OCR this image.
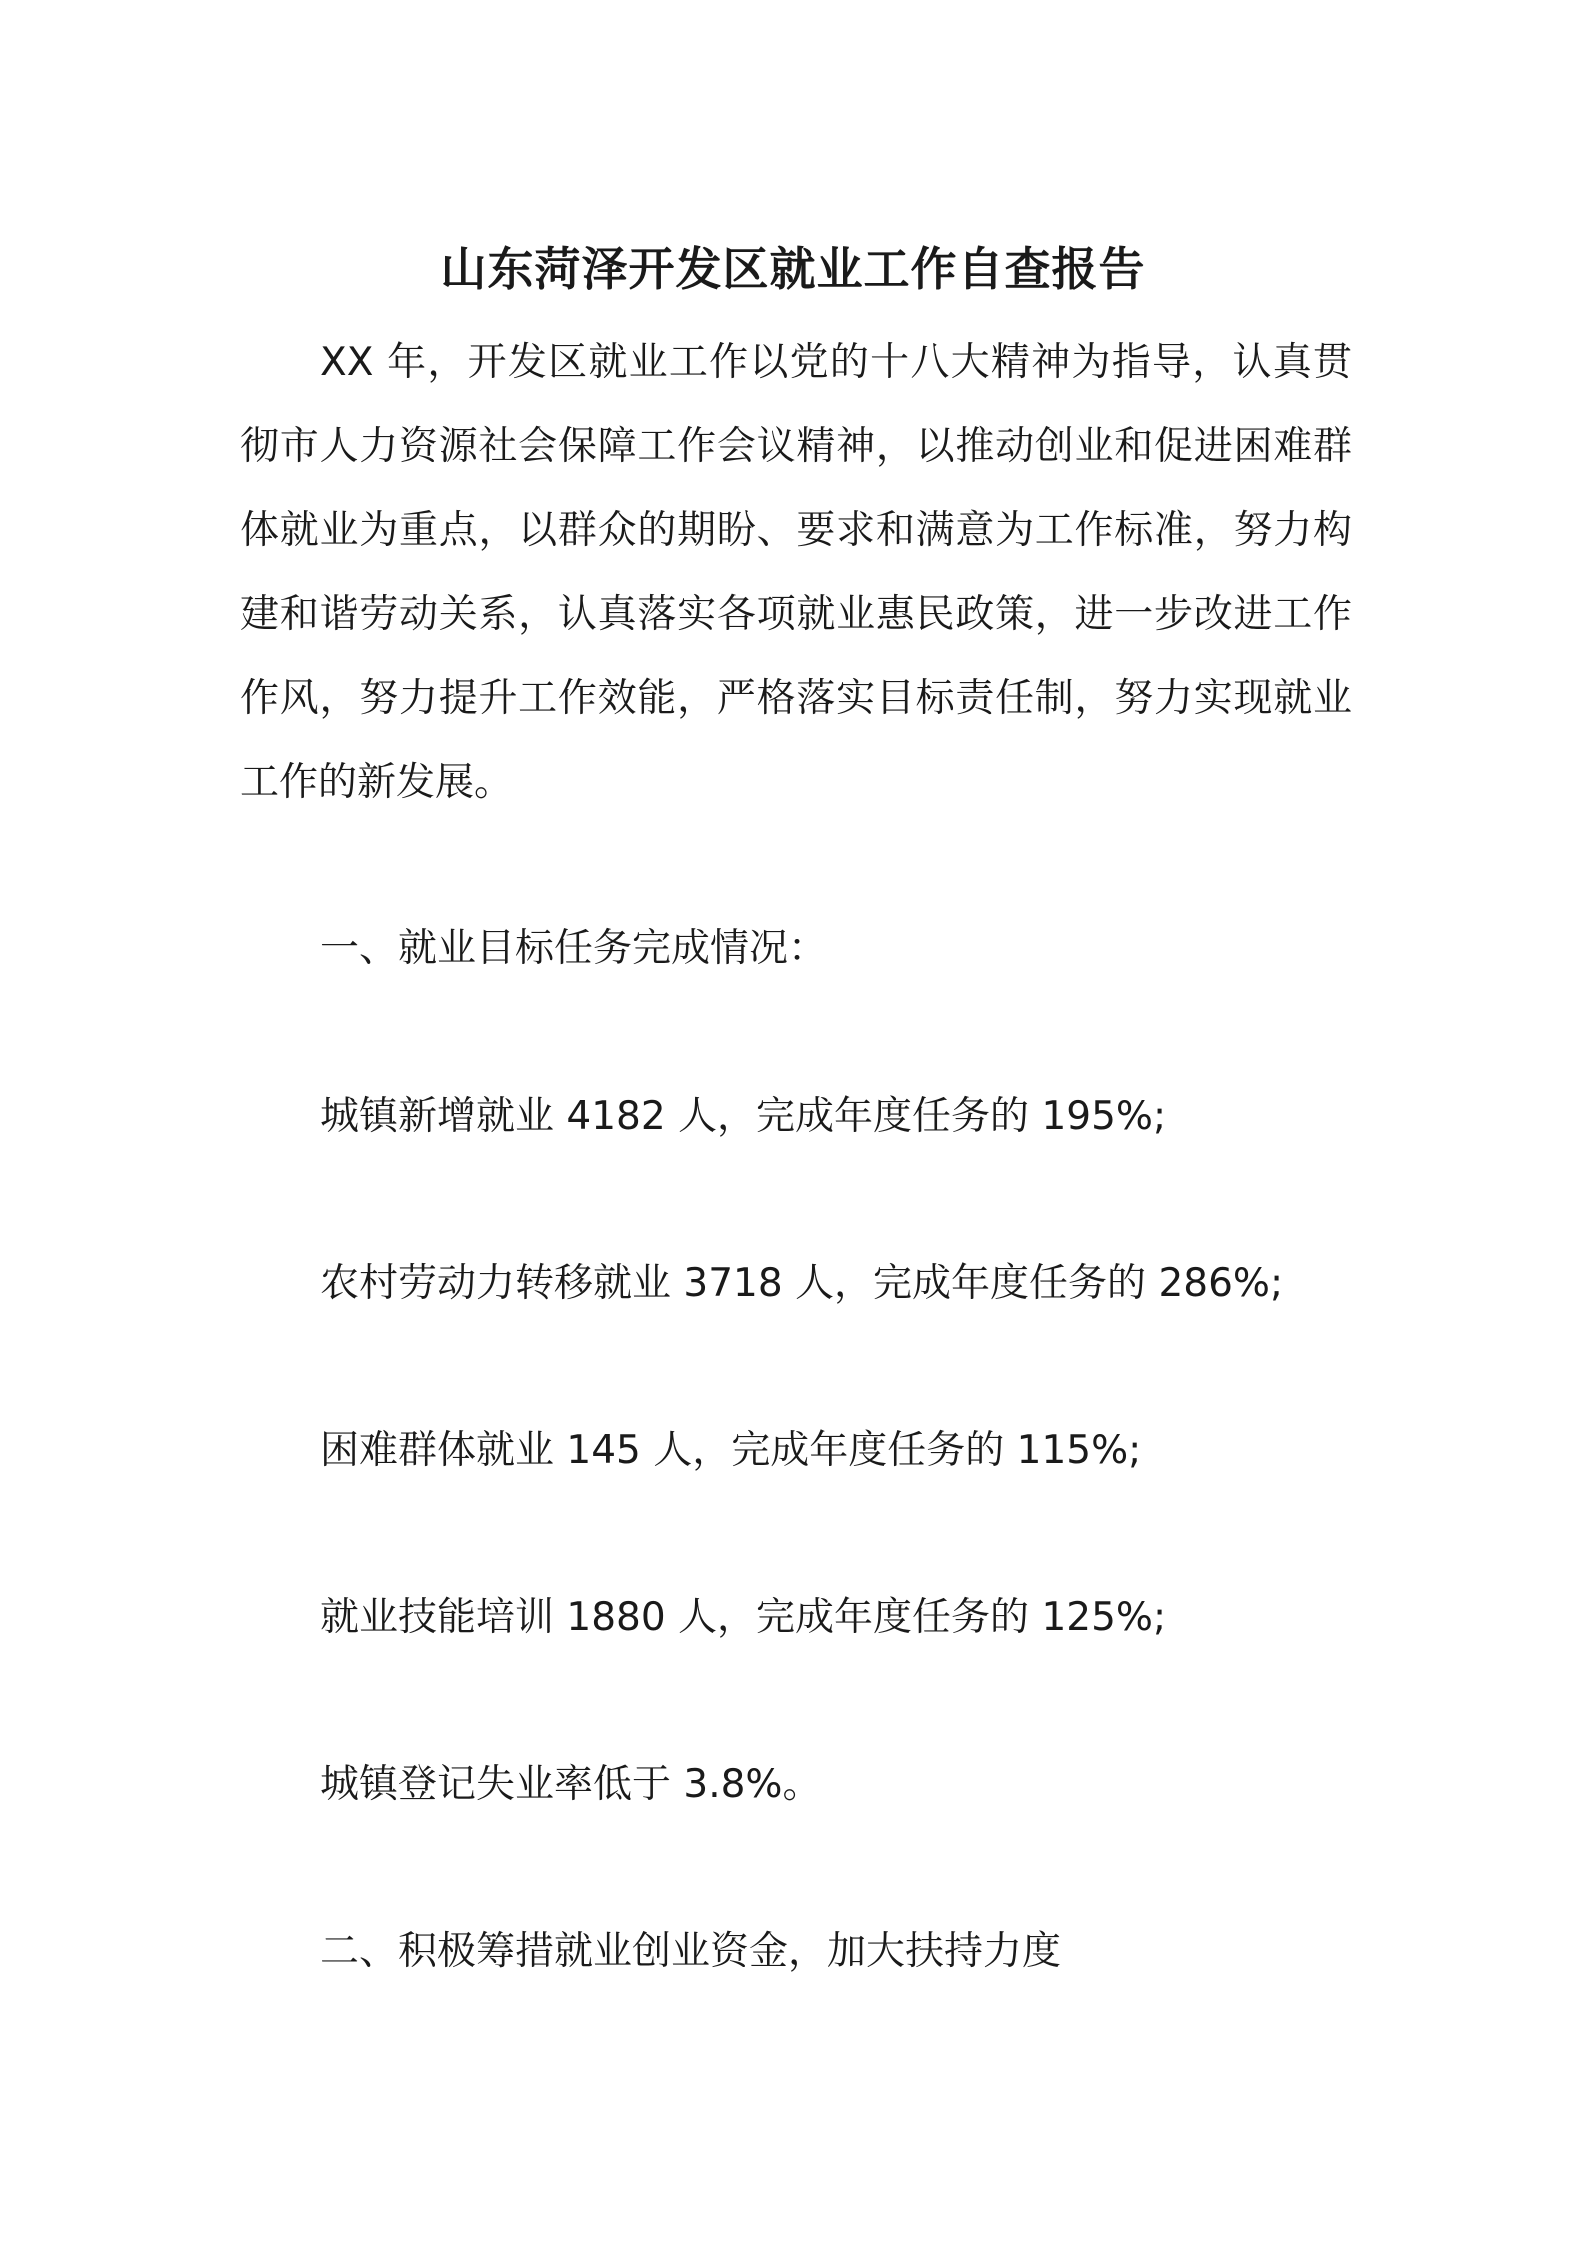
山东菏泽开发区就业工作自查报告

XX 年，开发区就业工作以党的十八大精神为指导，认真贯彻市人力资源社会保障工作会议精神，以推动创业和促进困难群体就业为重点，以群众的期盼、要求和满意为工作标准，努力构建和谐劳动关系，认真落实各项就业惠民政策，进一步改进工作作风，努力提升工作效能，严格落实目标责任制，努力实现就业工作的新发展。

一、就业目标任务完成情况：

城镇新增就业 4182 人，完成年度任务的 195%;

农村劳动力转移就业 3718 人，完成年度任务的 286%;

困难群体就业 145 人，完成年度任务的 115%;

就业技能培训 1880 人，完成年度任务的 125%;

城镇登记失业率低于 3.8%。

二、积极筹措就业创业资金，加大扶持力度
